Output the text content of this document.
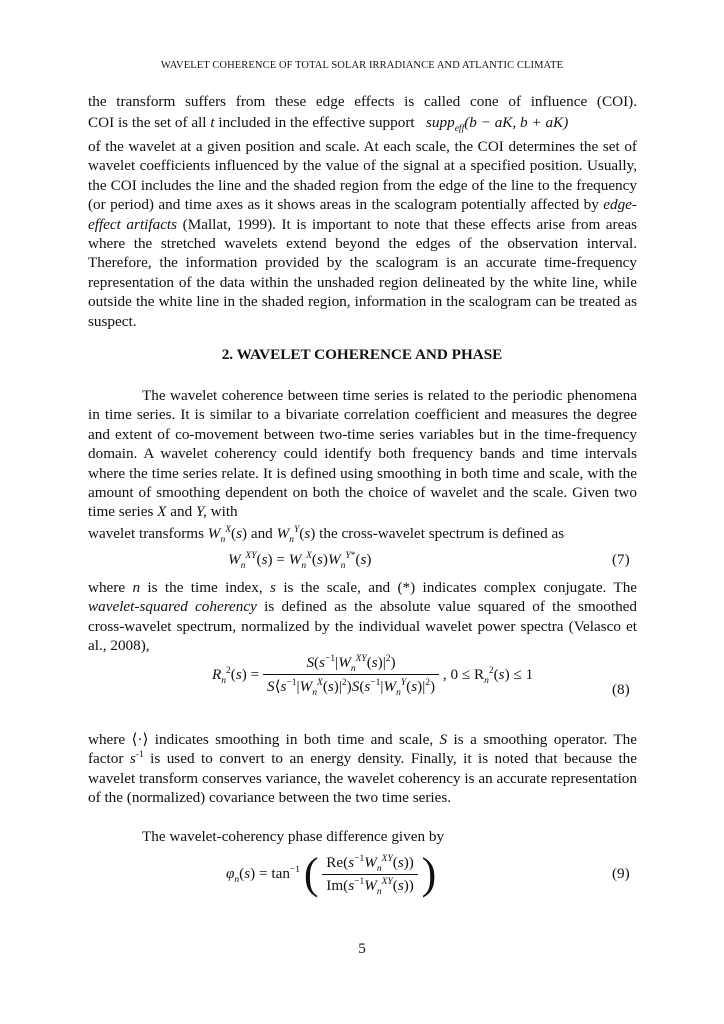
WAVELET COHERENCE OF TOTAL SOLAR IRRADIANCE AND ATLANTIC CLIMATE
the transform suffers from these edge effects is called cone of influence (COI).
COI is the set of all t included in the effective support supp$_{eff}$(b − aK, b + aK)
of the wavelet at a given position and scale. At each scale, the COI determines the set of wavelet coefficients influenced by the value of the signal at a specified position. Usually, the COI includes the line and the shaded region from the edge of the line to the frequency (or period) and time axes as it shows areas in the scalogram potentially affected by edge-effect artifacts (Mallat, 1999). It is important to note that these effects arise from areas where the stretched wavelets extend beyond the edges of the observation interval. Therefore, the information provided by the scalogram is an accurate time-frequency representation of the data within the unshaded region delineated by the white line, while outside the white line in the shaded region, information in the scalogram can be treated as suspect.
2. WAVELET COHERENCE AND PHASE
The wavelet coherence between time series is related to the periodic phenomena in time series. It is similar to a bivariate correlation coefficient and measures the degree and extent of co-movement between two-time series variables but in the time-frequency domain. A wavelet coherency could identify both frequency bands and time intervals where the time series relate. It is defined using smoothing in both time and scale, with the amount of smoothing dependent on both the choice of wavelet and the scale. Given two time series X and Y, with
wavelet transforms $W_n^X(s)$ and $W_n^Y(s)$ the cross-wavelet spectrum is defined as
$W_n^{XY}(s) = W_n^X(s)W_n^{Y*}(s)$	(7)
where n is the time index, s is the scale, and (*) indicates complex conjugate. The wavelet-squared coherency is defined as the absolute value squared of the smoothed cross-wavelet spectrum, normalized by the individual wavelet power spectra (Velasco et al., 2008),
$R_n^2(s) = \frac{S(s^{-1}|W_n^{XY}(s)|^2)}{S⟨s^{-1}|W_n^X(s)|^2)S(s^{-1}|W_n^Y(s)|^2)}$ , $0 \le R_n^2(s) \le 1$
(8)
where ⟨·⟩ indicates smoothing in both time and scale, S is a smoothing operator. The factor $s^{-1}$ is used to convert to an energy density. Finally, it is noted that because the wavelet transform conserves variance, the wavelet coherency is an accurate representation of the (normalized) covariance between the two time series.
The wavelet-coherency phase difference given by
$\varphi_n(s) = \tan^{-1}$ ( $\frac{Re(s^{-1}W_n^{XY}(s))}{Im(s^{-1}W_n^{XY}(s))}$ )	(9)
5
